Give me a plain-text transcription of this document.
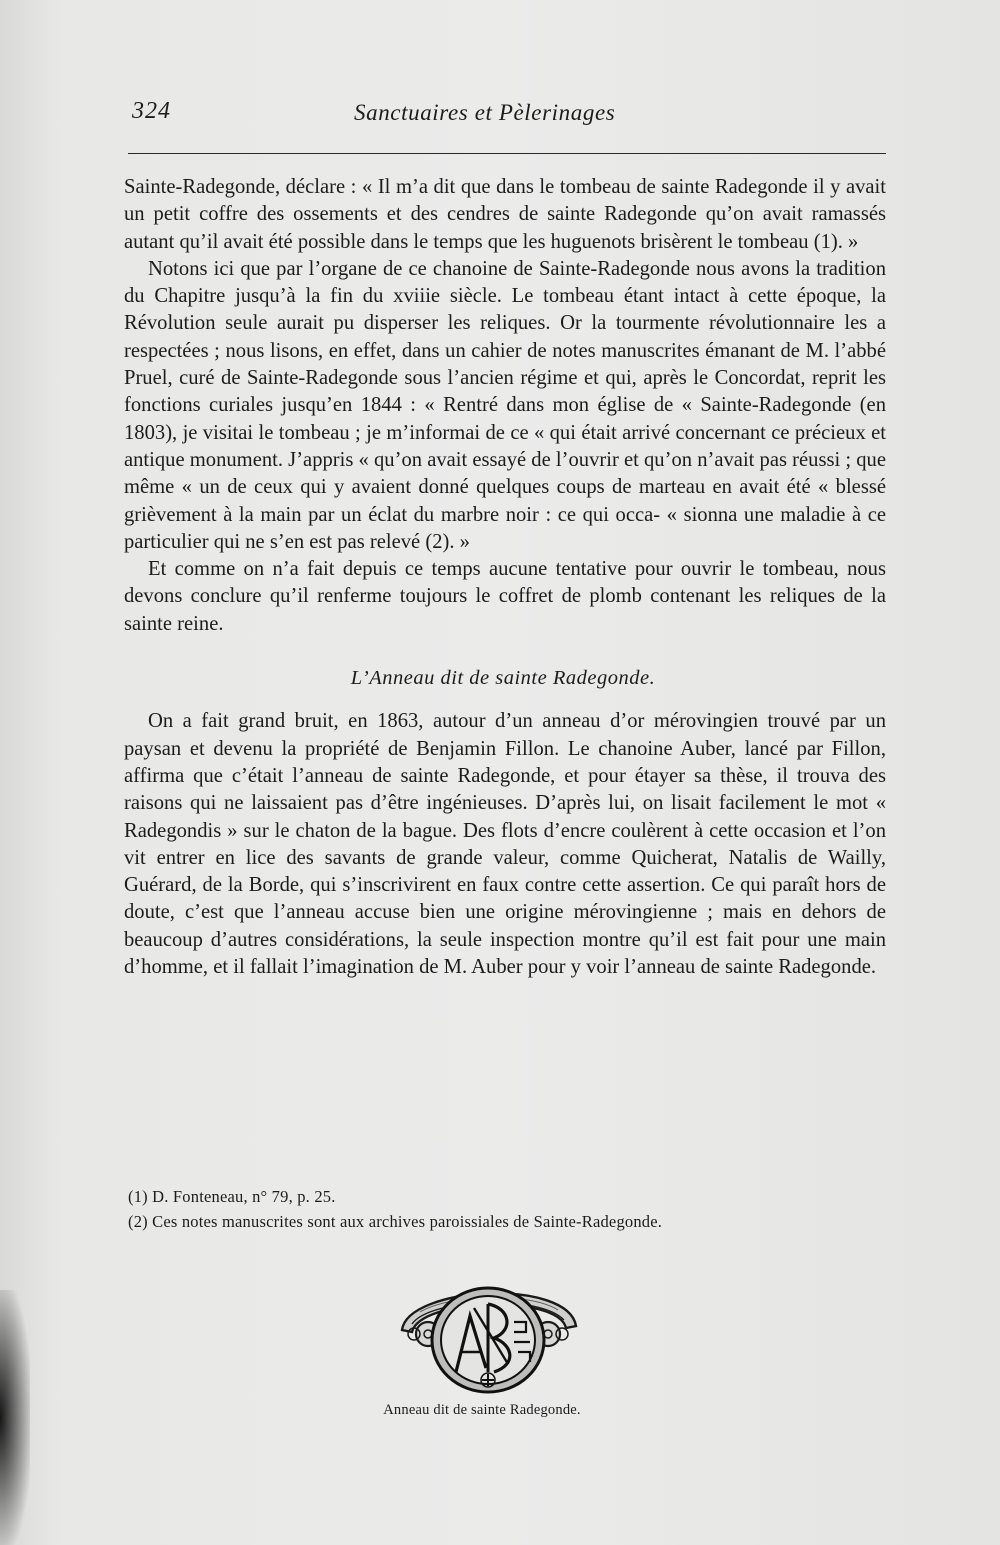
324	Sanctuaires et Pèlerinages

Sainte-Radegonde, déclare : « Il m’a dit que dans le tombeau de sainte Radegonde il y avait un petit coffre des ossements et des cendres de sainte Radegonde qu’on avait ramassés autant qu’il avait été possible dans le temps que les huguenots brisèrent le tombeau (1). »

Notons ici que par l’organe de ce chanoine de Sainte-Radegonde nous avons la tradition du Chapitre jusqu’à la fin du xviiie siècle. Le tombeau étant intact à cette époque, la Révolution seule aurait pu disperser les reliques. Or la tourmente révolutionnaire les a respectées ; nous lisons, en effet, dans un cahier de notes manuscrites émanant de M. l’abbé Pruel, curé de Sainte-Radegonde sous l’ancien régime et qui, après le Concordat, reprit les fonctions curiales jusqu’en 1844 : « Rentré dans mon église de « Sainte-Radegonde (en 1803), je visitai le tombeau ; je m’informai de ce « qui était arrivé concernant ce précieux et antique monument. J’appris « qu’on avait essayé de l’ouvrir et qu’on n’avait pas réussi ; que même « un de ceux qui y avaient donné quelques coups de marteau en avait été « blessé grièvement à la main par un éclat du marbre noir : ce qui occa- « sionna une maladie à ce particulier qui ne s’en est pas relevé (2). »

Et comme on n’a fait depuis ce temps aucune tentative pour ouvrir le tombeau, nous devons conclure qu’il renferme toujours le coffret de plomb contenant les reliques de la sainte reine.

L’Anneau dit de sainte Radegonde.

On a fait grand bruit, en 1863, autour d’un anneau d’or mérovingien trouvé par un paysan et devenu la propriété de Benjamin Fillon. Le chanoine Auber, lancé par Fillon, affirma que c’était l’anneau de sainte Radegonde, et pour étayer sa thèse, il trouva des raisons qui ne laissaient pas d’être ingénieuses. D’après lui, on lisait facilement le mot « Radegondis » sur le chaton de la bague. Des flots d’encre coulèrent à cette occasion et l’on vit entrer en lice des savants de grande valeur, comme Quicherat, Natalis de Wailly, Guérard, de la Borde, qui s’inscrivirent en faux contre cette assertion. Ce qui paraît hors de doute, c’est que l’anneau accuse bien une origine mérovingienne ; mais en dehors de beaucoup d’autres considérations, la seule inspection montre qu’il est fait pour une main d’homme, et il fallait l’imagination de M. Auber pour y voir l’anneau de sainte Radegonde.

(1) D. Fonteneau, n° 79, p. 25.

(2) Ces notes manuscrites sont aux archives paroissiales de Sainte-Radegonde.

Anneau dit de sainte Radegonde.
